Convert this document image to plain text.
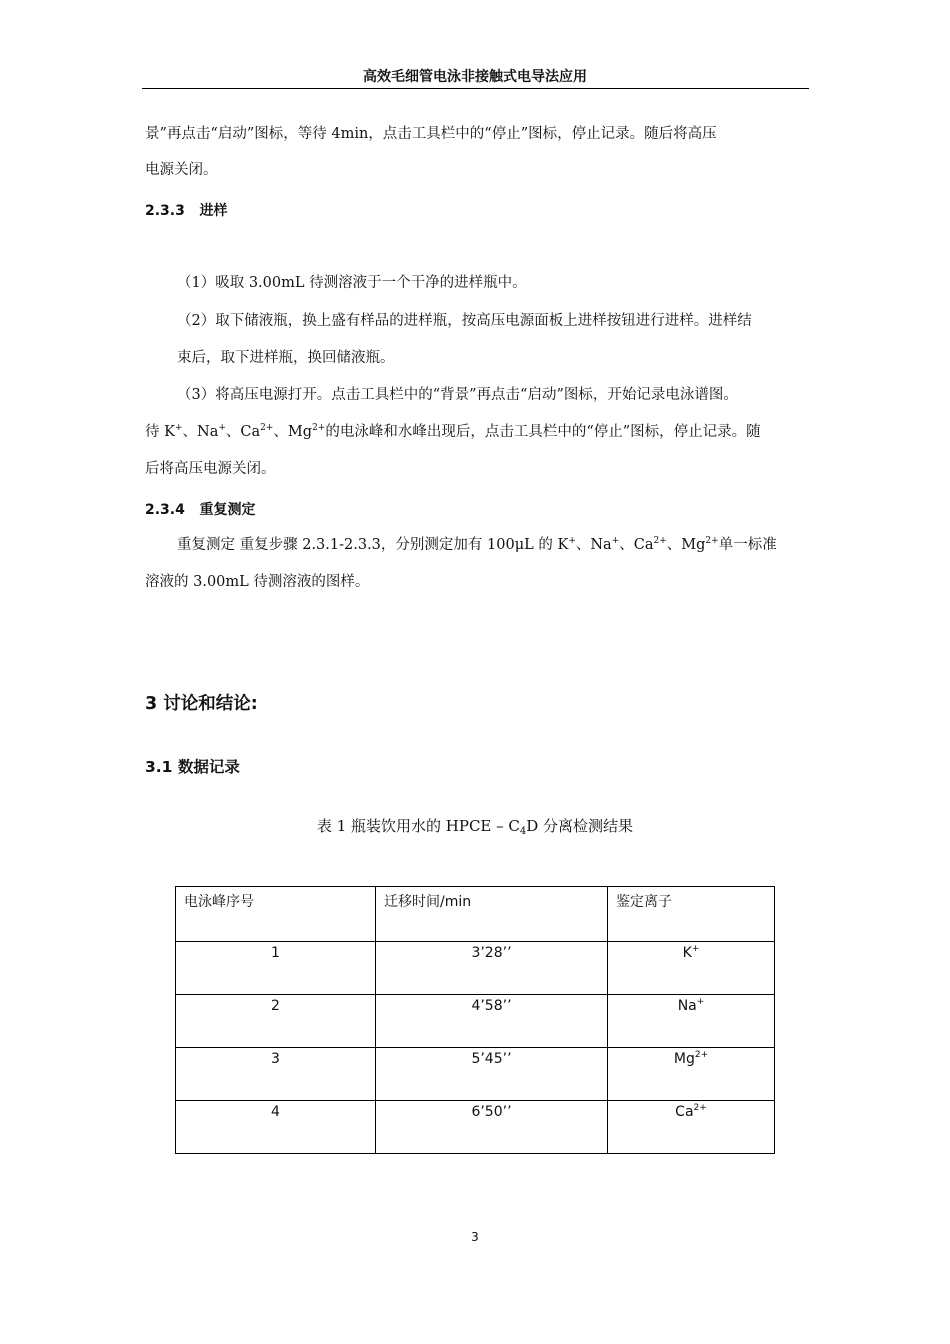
高效毛细管电泳非接触式电导法应用
景”再点击“启动”图标，等待 4min，点击工具栏中的“停止”图标，停止记录。随后将高压
电源关闭。
2.3.3   进样
（1）吸取 3.00mL 待测溶液于一个干净的进样瓶中。
（2）取下储液瓶，换上盛有样品的进样瓶，按高压电源面板上进样按钮进行进样。进样结
束后，取下进样瓶，换回储液瓶。
（3）将高压电源打开。点击工具栏中的“背景”再点击“启动”图标，开始记录电泳谱图。
待 K+、Na+、$Ca^{2+}$、$Mg^{2+}$的电泳峰和水峰出现后，点击工具栏中的“停止”图标，停止记录。随
后将高压电源关闭。
2.3.4   重复测定
重复测定 重复步骤 2.3.1-2.3.3，分别测定加有 100μL 的 K+、Na+、$Ca^{2+}$、$Mg^{2+}$单一标准
溶液的 3.00mL 待测溶液的图样。
3 讨论和结论:
3.1 数据记录
表 1 瓶装饮用水的 HPCE – $C_4D$ 分离检测结果
电泳峰序号	迁移时间/min	鉴定离子
1	3’28’’	K+
2	4’58’’	Na+
3	5’45’’	$Mg^{2+}$
4	6’50’’	$Ca^{2+}$
3
